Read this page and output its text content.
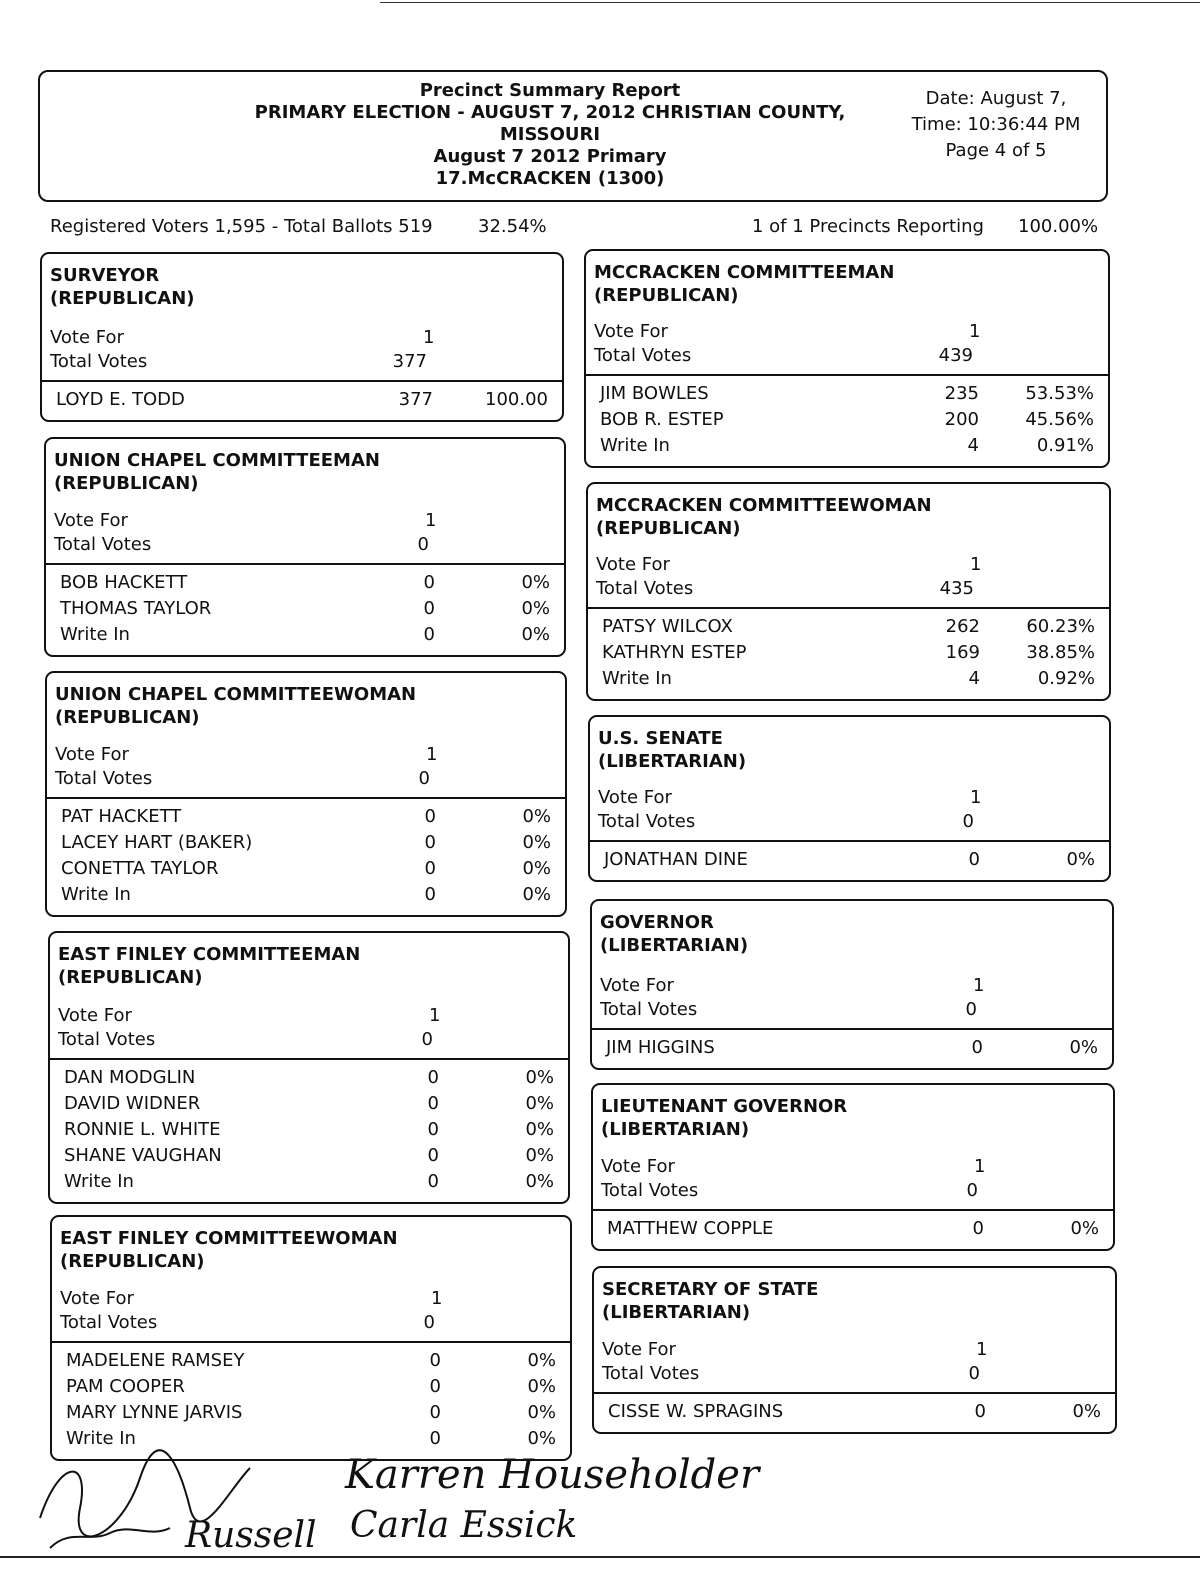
Precinct Summary Report
PRIMARY ELECTION - AUGUST 7, 2012 CHRISTIAN COUNTY,
MISSOURI
August 7 2012 Primary
17.McCRACKEN (1300)
Date: August 7,
Time: 10:36:44 PM
Page 4 of 5
Registered Voters 1,595 - Total Ballots 519	32.54%	1 of 1 Precincts Reporting 100.00%
SURVEYOR
(REPUBLICAN)
Vote For	1
Total Votes	377
LOYD E. TODD	377	100.00
UNION CHAPEL COMMITTEEMAN
(REPUBLICAN)
Vote For	1
Total Votes	0
BOB HACKETT	0	0%
THOMAS TAYLOR	0	0%
Write In	0	0%
UNION CHAPEL COMMITTEEWOMAN
(REPUBLICAN)
Vote For	1
Total Votes	0
PAT HACKETT	0	0%
LACEY HART (BAKER)	0	0%
CONETTA TAYLOR	0	0%
Write In	0	0%
EAST FINLEY COMMITTEEMAN
(REPUBLICAN)
Vote For	1
Total Votes	0
DAN MODGLIN	0	0%
DAVID WIDNER	0	0%
RONNIE L. WHITE	0	0%
SHANE VAUGHAN	0	0%
Write In	0	0%
EAST FINLEY COMMITTEEWOMAN
(REPUBLICAN)
Vote For	1
Total Votes	0
MADELENE RAMSEY	0	0%
PAM COOPER	0	0%
MARY LYNNE JARVIS	0	0%
Write In	0	0%
MCCRACKEN COMMITTEEMAN
(REPUBLICAN)
Vote For	1
Total Votes	439
JIM BOWLES	235	53.53%
BOB R. ESTEP	200	45.56%
Write In	4	0.91%
MCCRACKEN COMMITTEEWOMAN
(REPUBLICAN)
Vote For	1
Total Votes	435
PATSY WILCOX	262	60.23%
KATHRYN ESTEP	169	38.85%
Write In	4	0.92%
U.S. SENATE
(LIBERTARIAN)
Vote For	1
Total Votes	0
JONATHAN DINE	0	0%
GOVERNOR
(LIBERTARIAN)
Vote For	1
Total Votes	0
JIM HIGGINS	0	0%
LIEUTENANT GOVERNOR
(LIBERTARIAN)
Vote For	1
Total Votes	0
MATTHEW COPPLE	0	0%
SECRETARY OF STATE
(LIBERTARIAN)
Vote For	1
Total Votes	0
CISSE W. SPRAGINS	0	0%
Karren Householder
Carla Essick
Russell
